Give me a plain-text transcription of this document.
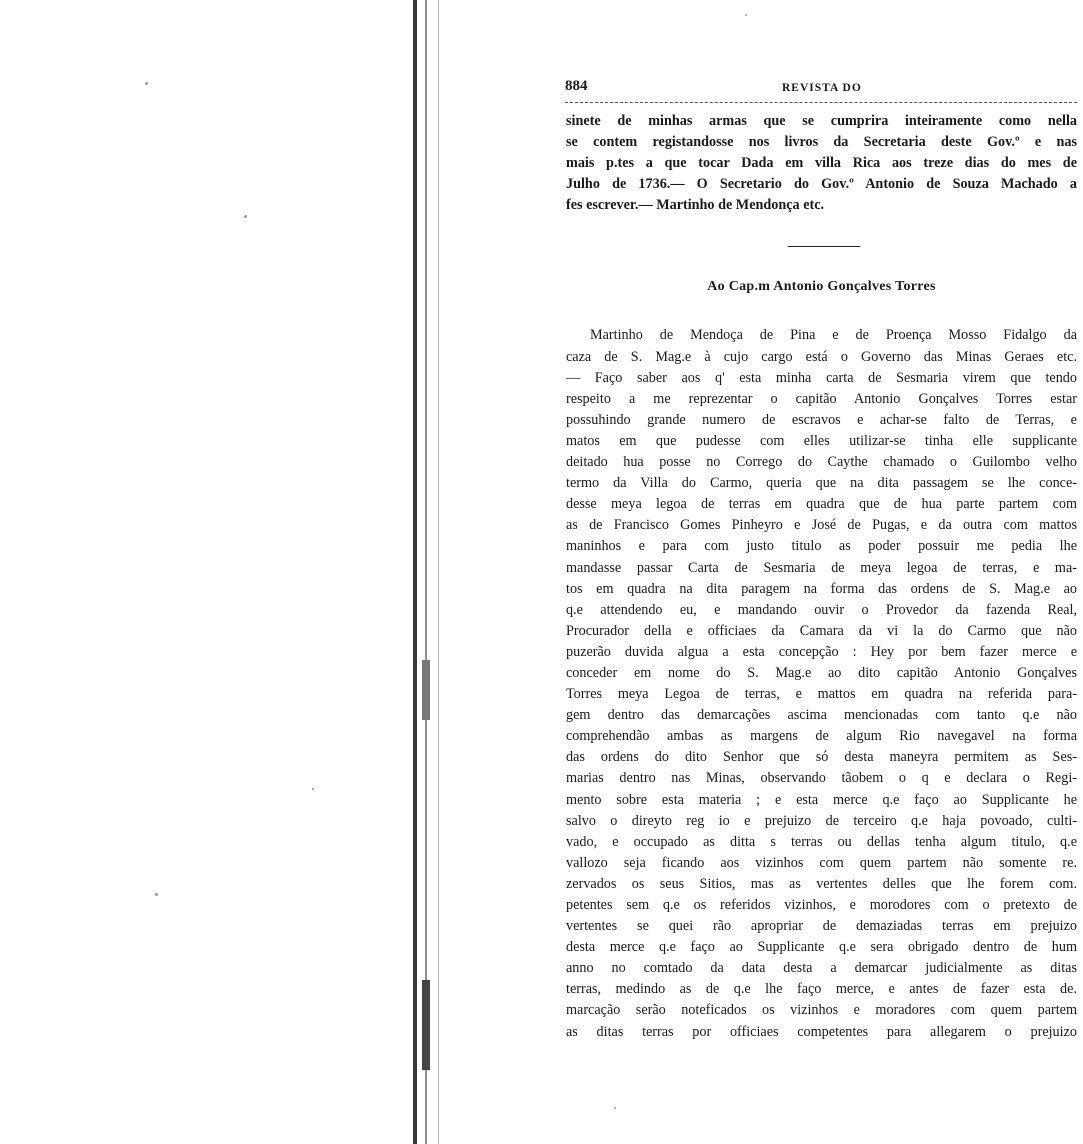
884	REVISTA DO
sinete de minhas armas que se cumprira inteiramente como nella
se contem registandosse nos livros da Secretaria deste Gov.º e nas
mais p.tes a que tocar Dada em villa Rica aos treze dias do mes de
Julho de 1736.— O Secretario do Gov.º Antonio de Souza Machado a
fes escrever.— Martinho de Mendonça etc.
Ao Cap.m Antonio Gonçalves Torres
Martinho de Mendoça de Pina e de Proença Mosso Fidalgo da
caza de S. Mag.e à cujo cargo está o Governo das Minas Geraes etc.
— Faço saber aos q' esta minha carta de Sesmaria virem que tendo
respeito a me reprezentar o capitão Antonio Gonçalves Torres estar
possuhindo grande numero de escravos e achar-se falto de Terras, e
matos em que pudesse com elles utilizar-se tinha elle supplicante
deitado hua posse no Corrego do Caythe chamado o Guilombo velho
termo da Villa do Carmo, queria que na dita passagem se lhe conce-
desse meya legoa de terras em quadra que de hua parte partem com
as de Francisco Gomes Pinheyro e José de Pugas, e da outra com mattos
maninhos e para com justo titulo as poder possuir me pedia lhe
mandasse passar Carta de Sesmaria de meya legoa de terras, e ma-
tos em quadra na dita paragem na forma das ordens de S. Mag.e ao
q.e attendendo eu, e mandando ouvir o Provedor da fazenda Real,
Procurador della e officiaes da Camara da vi la do Carmo que não
puzerão duvida algua a esta concepção : Hey por bem fazer merce e
conceder em nome do S. Mag.e ao dito capitão Antonio Gonçalves
Torres meya Legoa de terras, e mattos em quadra na referida para-
gem dentro das demarcações ascima mencionadas com tanto q.e não
comprehendão ambas as margens de algum Rio navegavel na forma
das ordens do dito Senhor que só desta maneyra permitem as Ses-
marias dentro nas Minas, observando tãobem o q e declara o Regi-
mento sobre esta materia ; e esta merce q.e faço ao Supplicante he
salvo o direyto reg io e prejuizo de terceiro q.e haja povoado, culti-
vado, e occupado as ditta s terras ou dellas tenha algum titulo, q.e
vallozo seja ficando aos vizinhos com quem partem não somente re.
zervados os seus Sitios, mas as vertentes delles que lhe forem com.
petentes sem q.e os referidos vizinhos, e morodores com o pretexto de
vertentes se quei rão apropriar de demaziadas terras em prejuizo
desta merce q.e faço ao Supplicante q.e sera obrigado dentro de hum
anno no comtado da data desta a demarcar judicialmente as ditas
terras, medindo as de q.e lhe faço merce, e antes de fazer esta de.
marcação serão noteficados os vizinhos e moradores com quem partem
as ditas terras por officiaes competentes para allegarem o prejuizo
